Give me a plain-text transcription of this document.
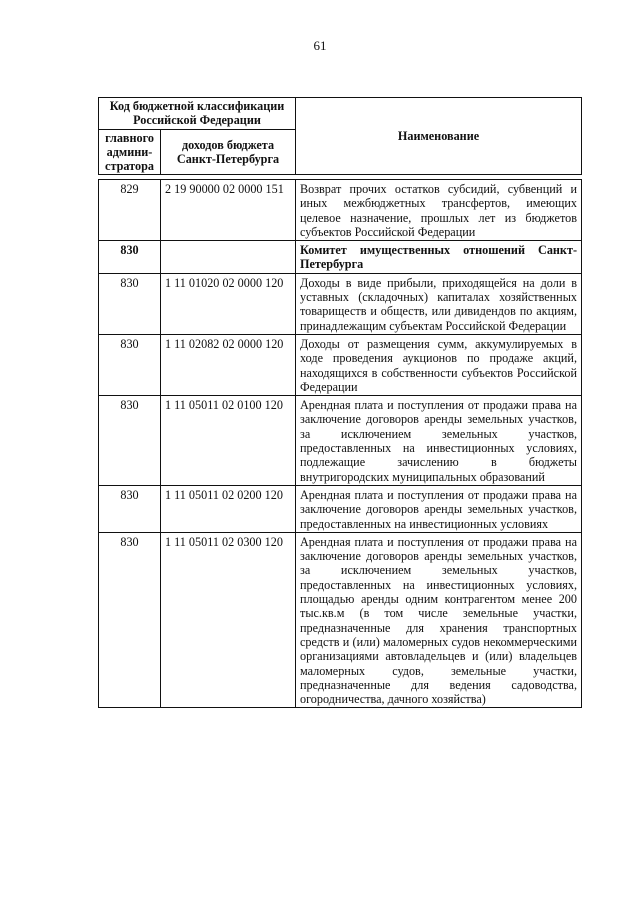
61
Код бюджетной классификации Российской Федерации		Наименование
главного админи-стратора	доходов бюджета Санкт-Петербурга	
829	2 19 90000 02 0000 151	Возврат прочих остатков субсидий, субвенций и иных межбюджетных трансфертов, имеющих целевое назначение, прошлых лет из бюджетов субъектов Российской Федерации
830		Комитет имущественных отношений Санкт-Петербурга
830	1 11 01020 02 0000 120	Доходы в виде прибыли, приходящейся на доли в уставных (складочных) капиталах хозяйственных товариществ и обществ, или дивидендов по акциям, принадлежащим субъектам Российской Федерации
830	1 11 02082 02 0000 120	Доходы от размещения сумм, аккумулируемых в ходе проведения аукционов по продаже акций, находящихся в собственности субъектов Российской Федерации
830	1 11 05011 02 0100 120	Арендная плата и поступления от продажи права на заключение договоров аренды земельных участков, за исключением земельных участков, предоставленных на инвестиционных условиях, подлежащие зачислению в бюджеты внутригородских муниципальных образований
830	1 11 05011 02 0200 120	Арендная плата и поступления от продажи права на заключение договоров аренды земельных участков, предоставленных на инвестиционных условиях
830	1 11 05011 02 0300 120	Арендная плата и поступления от продажи права на заключение договоров аренды земельных участков, за исключением земельных участков, предоставленных на инвестиционных условиях, площадью аренды одним контрагентом менее 200 тыс.кв.м (в том числе земельные участки, предназначенные для хранения транспортных средств и (или) маломерных судов некоммерческими организациями автовладельцев и (или) владельцев маломерных судов, земельные участки, предназначенные для ведения садоводства, огородничества, дачного хозяйства)
